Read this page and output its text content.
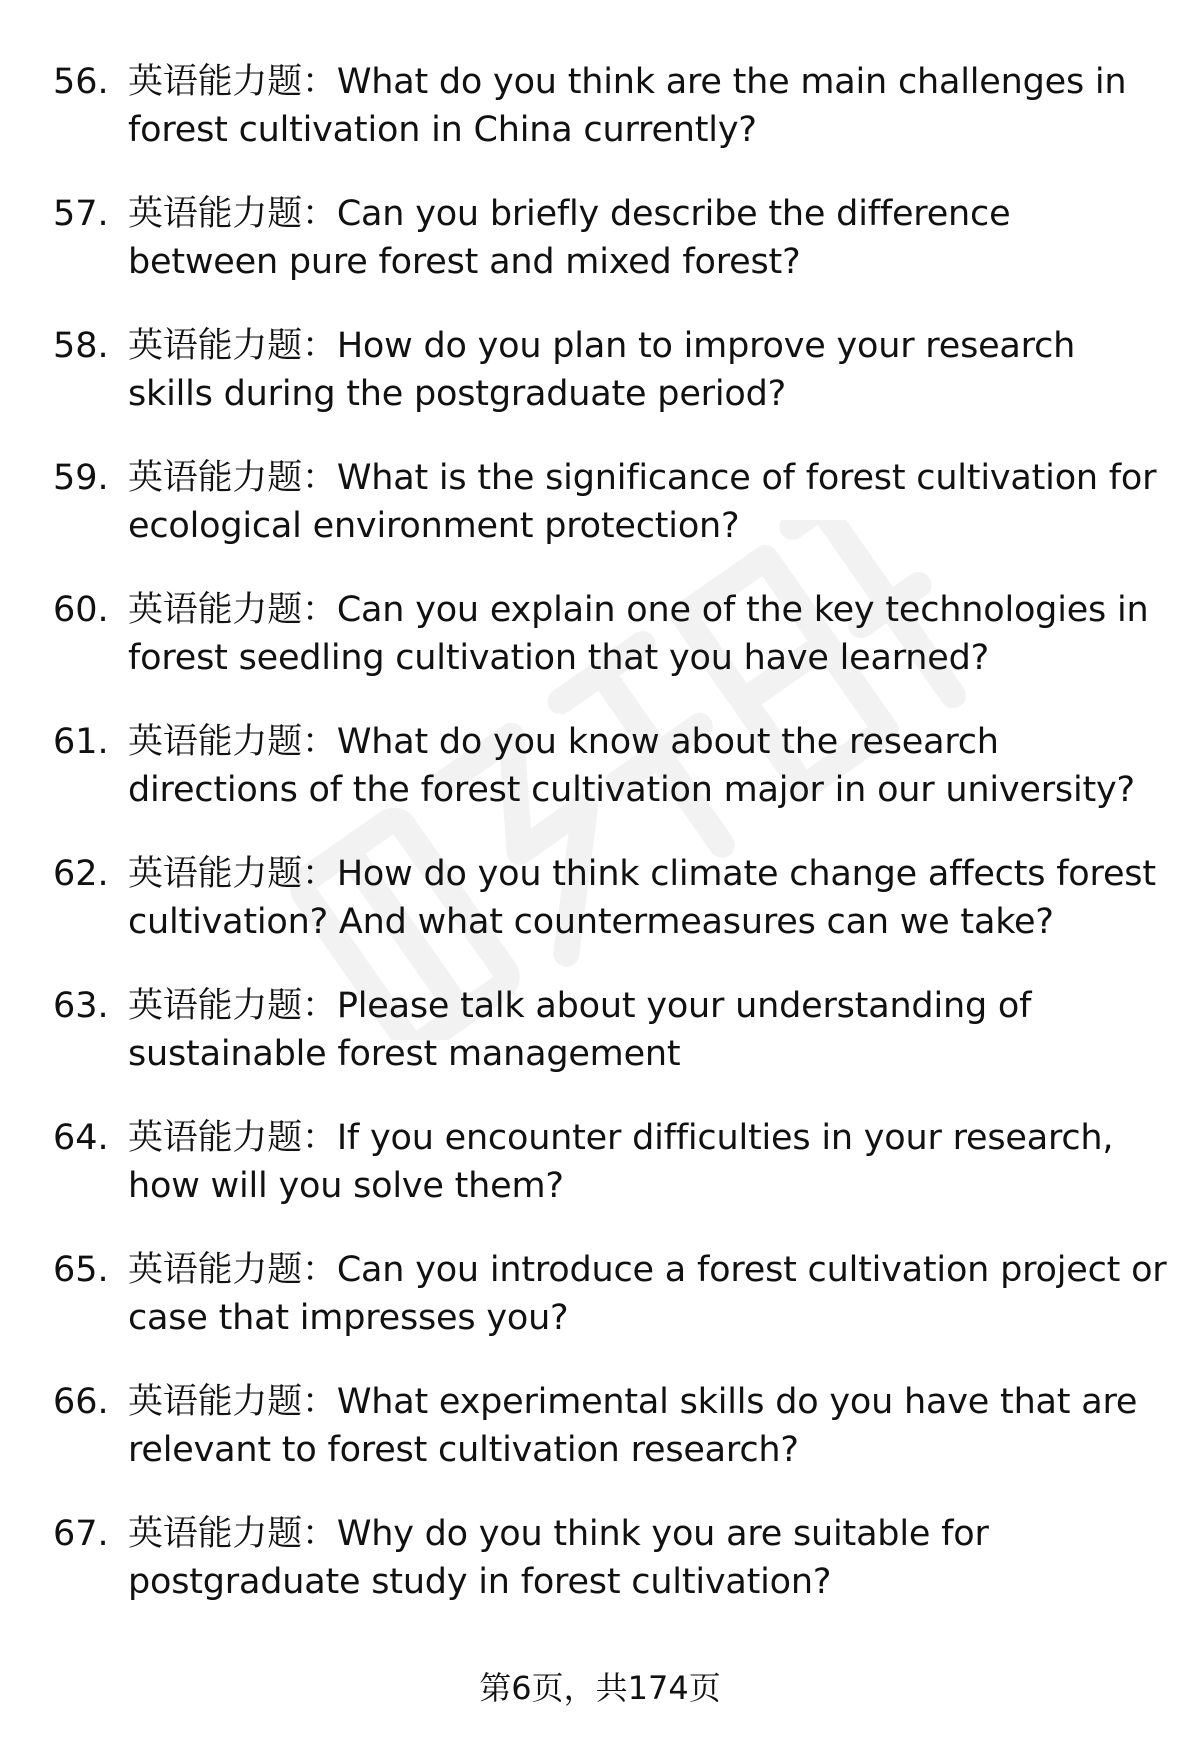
56. 英语能力题：What do you think are the main challenges in forest cultivation in China currently?
57. 英语能力题：Can you briefly describe the difference between pure forest and mixed forest?
58. 英语能力题：How do you plan to improve your research skills during the postgraduate period?
59. 英语能力题：What is the significance of forest cultivation for ecological environment protection?
60. 英语能力题：Can you explain one of the key technologies in forest seedling cultivation that you have learned?
61. 英语能力题：What do you know about the research directions of the forest cultivation major in our university?
62. 英语能力题：How do you think climate change affects forest cultivation? And what countermeasures can we take?
63. 英语能力题：Please talk about your understanding of sustainable forest management
64. 英语能力题：If you encounter difficulties in your research, how will you solve them?
65. 英语能力题：Can you introduce a forest cultivation project or case that impresses you?
66. 英语能力题：What experimental skills do you have that are relevant to forest cultivation research?
67. 英语能力题：Why do you think you are suitable for postgraduate study in forest cultivation?
第6页，共174页
